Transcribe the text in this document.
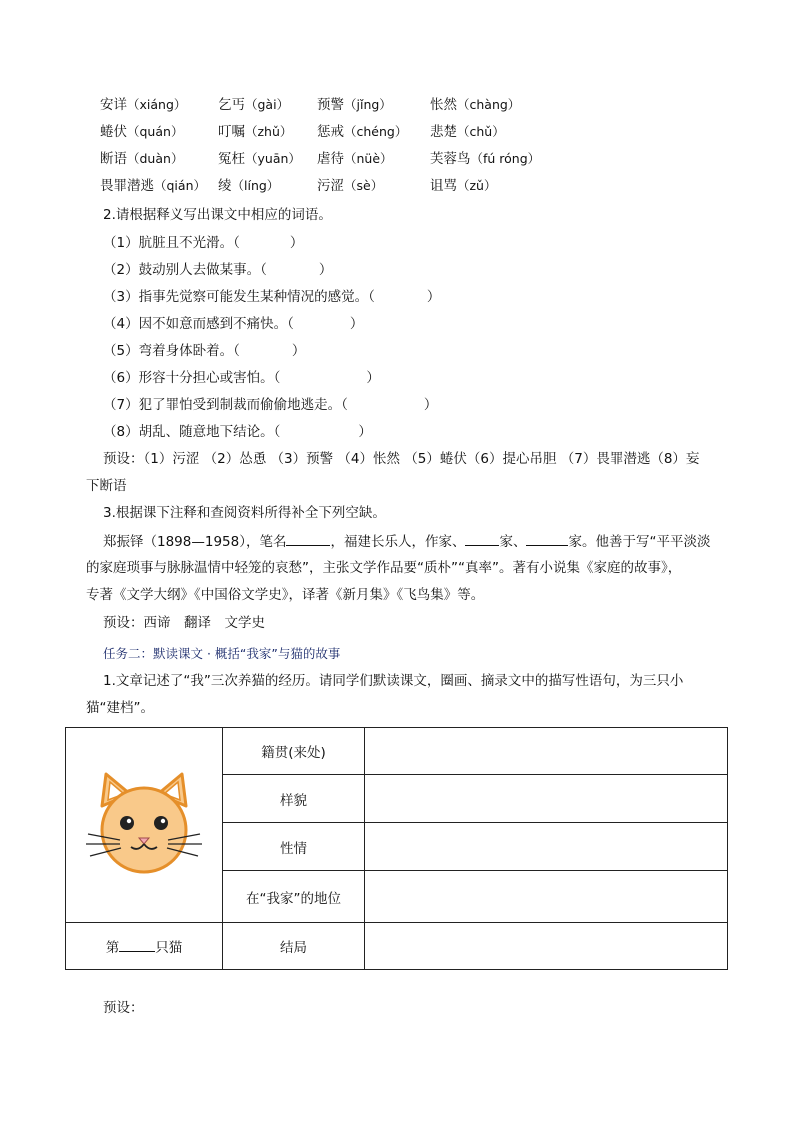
安详（xiáng） 乞丐（gài） 预警（jǐng）	怅然（chàng）
蜷伏（quán）	叮嘱（zhǔ） 惩戒（chéng） 悲楚（chǔ）
断语（duàn）	冤枉（yuān） 虐待（nüè）	芙蓉鸟（fú róng）
畏罪潜逃（qián） 绫（líng）	污涩（sè）	诅骂（zǔ）
2.请根据释义写出课文中相应的词语。
（1）肮脏且不光滑。（	）
（2）鼓动别人去做某事。（	）
（3）指事先觉察可能发生某种情况的感觉。（	）
（4）因不如意而感到不痛快。（	）
（5）弯着身体卧着。（	）
（6）形容十分担心或害怕。（	）
（7）犯了罪怕受到制裁而偷偷地逃走。（	）
（8）胡乱、随意地下结论。（	）
预设：（1）污涩 （2）怂恿 （3）预警 （4）怅然 （5）蜷伏（6）提心吊胆 （7）畏罪潜逃（8）妄
下断语
3.根据课下注释和查阅资料所得补全下列空缺。
郑振铎（1898—1958），笔名	，福建长乐人，作家、	家、	家。他善于写“平平淡淡
的家庭琐事与脉脉温情中轻笼的哀愁”，主张文学作品要“质朴”“真率”。著有小说集《家庭的故事》，
专著《文学大纲》《中国俗文学史》，译著《新月集》《飞鸟集》等。
预设：西谛　翻译　文学史
任务二：默读课文 · 概括“我家”与猫的故事
1.文章记述了“我”三次养猫的经历。请同学们默读课文，圈画、摘录文中的描写性语句，为三只小
猫“建档”。
	籍贯(来处)	
	样貌	
	性情	
	在“我家”的地位	
第 只猫	结局	
预设：
